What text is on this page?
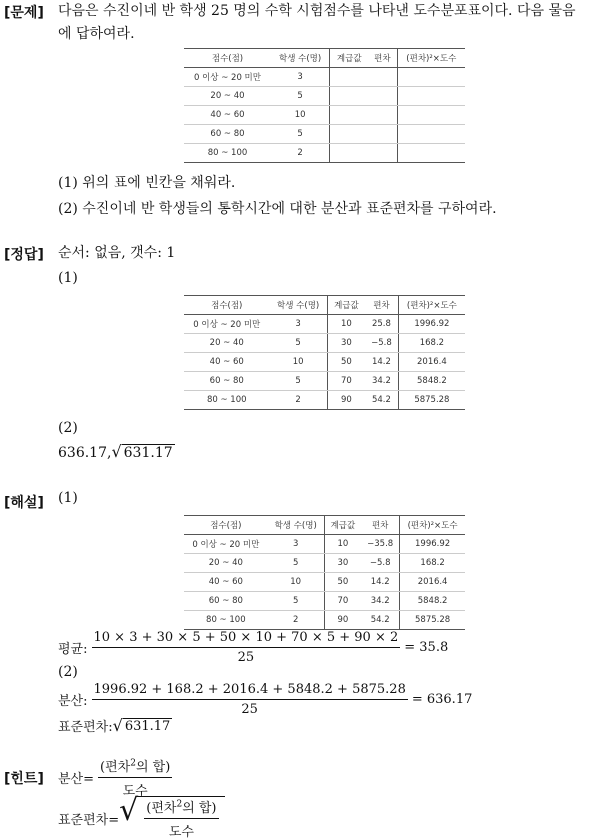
[문제] 다음은 수진이네 반 학생 25 명의 수학 시험점수를 나타낸 도수분포표이다. 다음 물음에 답하여라.
점수(점)	학생 수(명)	계급값	편차	(편차)²×도수
0 이상 ~ 20 미만	3			
20 ~ 40	5			
40 ~ 60	10			
60 ~ 80	5			
80 ~ 100	2			
(1) 위의 표에 빈칸을 채워라.
(2) 수진이네 반 학생들의 통학시간에 대한 분산과 표준편차를 구하여라.
[정답] 순서: 없음, 갯수: 1
(1)
점수(점)	학생 수(명)	계급값	편차	(편차)²×도수
0 이상 ~ 20 미만	3	10	25.8	1996.92
20 ~ 40	5	30	−5.8	168.2
40 ~ 60	10	50	14.2	2016.4
60 ~ 80	5	70	34.2	5848.2
80 ~ 100	2	90	54.2	5875.28
(2)
636.17, √ 631.17
[해설] (1)
점수(점)	학생 수(명)	계급값	편차	(편차)²×도수
0 이상 ~ 20 미만	3	10	−35.8	1996.92
20 ~ 40	5	30	−5.8	168.2
40 ~ 60	10	50	14.2	2016.4
60 ~ 80	5	70	34.2	5848.2
80 ~ 100	2	90	54.2	5875.28
평균: $\frac{10 \times 3 + 30 \times 5 + 50 \times 10 + 70 \times 5 + 90 \times 2}{25} = 35.8$
(2)
분산: $\frac{1996.92 + 168.2 + 2016.4 + 5848.2 + 5875.28}{25} = 636.17$
표준편차: √ 631.17
[힌트] 분산= $\frac{(편차^2의 합)}{\text{도수}}$
표준편차= √ $\frac{(편차^2의 합)}{\text{도수}}$
